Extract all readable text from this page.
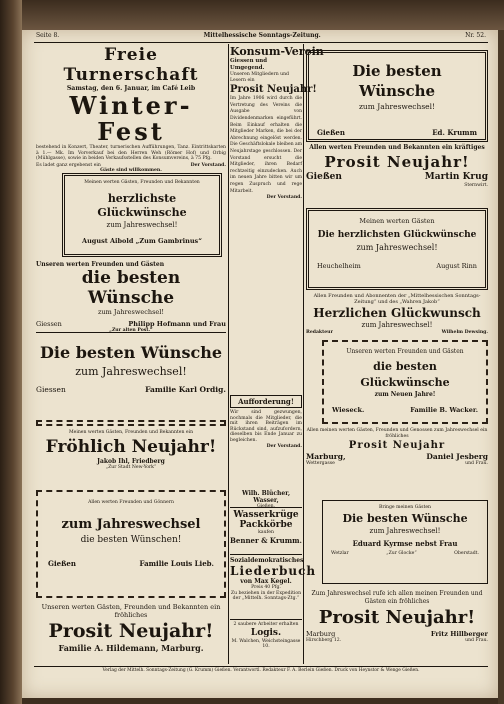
Seite 8.	Mittelhessische Sonntags-Zeitung.	Nr. 52.
Freie Turnerschaft
Samstag, den 6. Januar, im Café Leib
Winter-Fest
bestehend in Konzert, Theater, turnerischen Aufführungen, Tanz. Eintrittskarten à 1.— Mk. Im Vorverkauf bei den Herren Weh (Römer Hof) und Orbig (Mühlgasse), sowie in beiden Verkaufsstellen des Konsumvereins, à 75 Pfg.
Es ladet ganz ergebenst ein	Der Vorstand.
Gäste sind willkommen.
Meinen werten Gästen, Freunden und Bekannten
herzlichste Glückwünsche
zum Jahreswechsel!
August Aibold „Zum Gambrinus“
Unseren werten Freunden und Gästen
die besten Wünsche
zum Jahreswechsel!
Giessen	Philipp Hofmann und Frau
„Zur alten Post.“
Die besten Wünsche
zum Jahreswechsel!
Giessen	Familie Karl Ordig.
Meinen werten Gästen, Freunden und Bekannten ein
Fröhlich Neujahr!
Jakob Ihl, Friedberg
„Zur Stadt New-York“
Allen werten Freunden und Gönnern
zum Jahreswechsel
die besten Wünschen!
Gießen	Familie Louis Lieb.
Unseren werten Gästen, Freunden und Bekannten ein fröhliches
Prosit Neujahr!
Familie A. Hildemann, Marburg.
Konsum-Verein
Giessen und Umgegend.
Unseren Mitgliedern und Lesern ein
Prosit Neujahr!
Im Jahre 1906 wird durch die Vertretung des Vereins die Ausgabe von Dividendenmarken eingeführt. Beim Einkauf erhalten die Mitglieder Marken, die bei der Abrechnung eingelöst werden. Die Geschäftslokale bleiben am Neujahrstage geschlossen. Der Vorstand ersucht die Mitglieder, ihren Bedarf rechtzeitig einzudecken. Auch im neuen Jahre bitten wir um regen Zuspruch und rege Mitarbeit.
Der Vorstand.
Aufforderung!
Wir sind gezwungen, nochmals die Mitglieder, die mit ihren Beiträgen im Rückstand sind, aufzufordern, dieselben bis Ende Januar zu begleichen.
Der Vorstand.
Wilh. Blücher, Wasser,
Gießen.
Wasserkrüge
Packkörbe
kaufen
Benner & Krumm.
Sozialdemokratisches
Liederbuch
von Max Kegel.
Preis 40 Pfg.
Zu beziehen in der Expedition der „Mittelh. Sonntags-Ztg.“
2 saubere Arbeiter erhalten
Logis.
M. Walchen, Weichsteingasse 10.
Die besten Wünsche
zum Jahreswechsel!
Gießen	Ed. Krumm
Allen werten Freunden und Bekannten ein kräftiges
Prosit Neujahr!
Gießen	Martin Krug
Sternwirt.
Meinen werten Gästen
Die herzlichsten Glückwünsche
zum Jahreswechsel!
Heuchelheim	August Rinn
Allen Freunden und Abonnenten der „Mittelhessischen Sonntags-Zeitung“ und des „Wahren Jakob“
Herzlichen Glückwunsch
zum Jahreswechsel!
Redakteur	Wilhelm Dewsing.
Unseren werten Freunden und Gästen
die besten Glückwünsche
zum Neuen Jahre!
Wieseck.	Familie B. Wacker.
Allen meinen werten Gästen, Freunden und Genossen zum Jahreswechsel ein fröhliches
Prosit Neujahr
Marburg,	Daniel Jesberg
Wettergasse	und Frau.
Bringe meinen Gästen
Die besten Wünsche
zum Jahreswechsel!
Eduard Kyrmse nebst Frau
Wetzlar	„Zur Glocke“	Oberstadt.
Zum Jahreswechsel rufe ich allen meinen Freunden und Gästen ein fröhliches
Prosit Neujahr!
Marburg	Fritz Hillberger
Hirschberg 12.	und Frau.
Verlag der Mittelh. Sonntags-Zeitung (G. Krumm) Gießen. Verantwortl. Redakteur F. A. Berlein Gießen. Druck von Heynstor & Wenge Gießen.
